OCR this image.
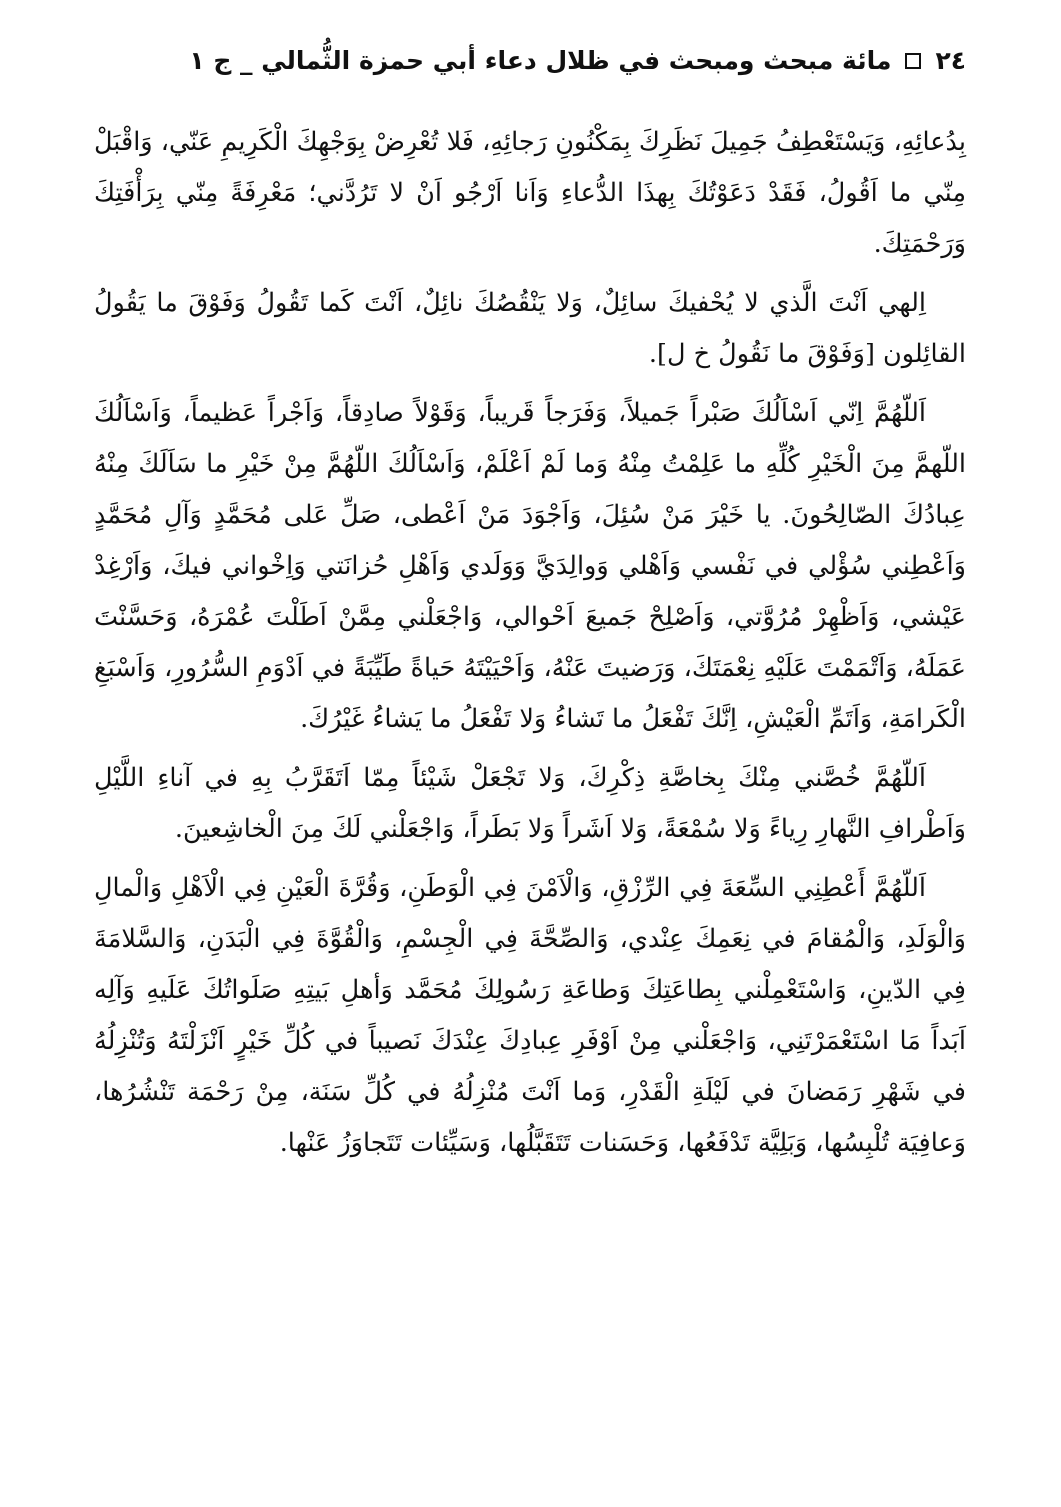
٢٤
مائة مبحث ومبحث في ظلال دعاء أبي حمزة الثُّمالي _ ج ١

بِدُعائِهِ، وَيَسْتَعْطِفُ جَمِيلَ نَظَرِكَ بِمَكْنُونِ رَجائِهِ، فَلا تُعْرِضْ بِوَجْهِكَ الْكَرِيمِ عَنّي، وَاقْبَلْ مِنّي ما اَقُولُ، فَقَدْ دَعَوْتُكَ بِهذَا الدُّعاءِ وَاَنا اَرْجُو اَنْ لا تَرُدَّني؛ مَعْرِفَةً مِنّي بِرَأْفَتِكَ وَرَحْمَتِكَ.

اِلهي اَنْتَ الَّذي لا يُحْفيكَ سائِلٌ، وَلا يَنْقُصُكَ نائِلٌ، اَنْتَ كَما تَقُولُ وَفَوْقَ ما يَقُولُ القائِلون [وَفَوْقَ ما نَقُولُ خ ل].

اَللّهُمَّ اِنّي اَسْاَلُكَ صَبْراً جَميلاً، وَفَرَجاً قَريباً، وَقَوْلاً صادِقاً، وَاَجْراً عَظيماً، وَاَسْاَلُكَ اللّهمَّ مِنَ الْخَيْرِ كُلِّهِ ما عَلِمْتُ مِنْهُ وَما لَمْ اَعْلَمْ، وَاَسْاَلُكَ اللّهُمَّ مِنْ خَيْرِ ما سَاَلَكَ مِنْهُ عِبادُكَ الصّالِحُونَ. يا خَيْرَ مَنْ سُئِلَ، وَاَجْوَدَ مَنْ اَعْطى، صَلِّ عَلى مُحَمَّدٍ وَآلِ مُحَمَّدٍ وَاَعْطِني سُؤْلي في نَفْسي وَاَهْلي وَوالِدَيَّ وَوَلَدي وَاَهْلِ حُزانَتي وَاِخْواني فيكَ، وَاَرْغِدْ عَيْشي، وَاَظْهِرْ مُرُوَّتي، وَاَصْلِحْ جَميعَ اَحْوالي، وَاجْعَلْني مِمَّنْ اَطَلْتَ عُمْرَهُ، وَحَسَّنْتَ عَمَلَهُ، وَاَتْمَمْتَ عَلَيْهِ نِعْمَتَكَ، وَرَضيتَ عَنْهُ، وَاَحْيَيْتَهُ حَياةً طَيِّبَةً في اَدْوَمِ السُّرُورِ، وَاَسْبَغِ الْكَرامَةِ، وَاَتَمِّ الْعَيْشِ، اِنَّكَ تَفْعَلُ ما تَشاءُ وَلا تَفْعَلُ ما يَشاءُ غَيْرُكَ.

اَللّهُمَّ خُصَّني مِنْكَ بِخاصَّةِ ذِكْرِكَ، وَلا تَجْعَلْ شَيْئاً مِمّا اَتَقَرَّبُ بِهِ في آناءِ اللَّيْلِ وَاَطْرافِ النَّهارِ رِياءً وَلا سُمْعَةً، وَلا اَشَراً وَلا بَطَراً، وَاجْعَلْني لَكَ مِنَ الْخاشِعينَ.

اَللّهُمَّ أَعْطِنِي السِّعَةَ فِي الرِّزْقِ، وَالْاَمْنَ فِي الْوَطَنِ، وَقُرَّةَ الْعَيْنِ فِي الْاَهْلِ وَالْمالِ وَالْوَلَدِ، وَالْمُقامَ في نِعَمِكَ عِنْدي، وَالصِّحَّةَ فِي الْجِسْمِ، وَالْقُوَّةَ فِي الْبَدَنِ، وَالسَّلامَةَ فِي الدّينِ، وَاسْتَعْمِلْني بِطاعَتِكَ وَطاعَةِ رَسُولِكَ مُحَمَّد وَأهلِ بَيتِهِ صَلَواتُكَ عَلَيهِ وَآلِه اَبَداً مَا اسْتَعْمَرْتَنِي، وَاجْعَلْني مِنْ اَوْفَرِ عِبادِكَ عِنْدَكَ نَصيباً في كُلِّ خَيْرٍ اَنْزَلْتَهُ وَتُنْزِلُهُ في شَهْرِ رَمَضانَ في لَيْلَةِ الْقَدْرِ، وَما اَنْتَ مُنْزِلُهُ في كُلِّ سَنَة، مِنْ رَحْمَة تَنْشُرُها، وَعافِيَة تُلْبِسُها، وَبَلِيَّة تَدْفَعُها، وَحَسَنات تَتَقَبَّلُها، وَسَيِّئات تَتَجاوَزُ عَنْها.
